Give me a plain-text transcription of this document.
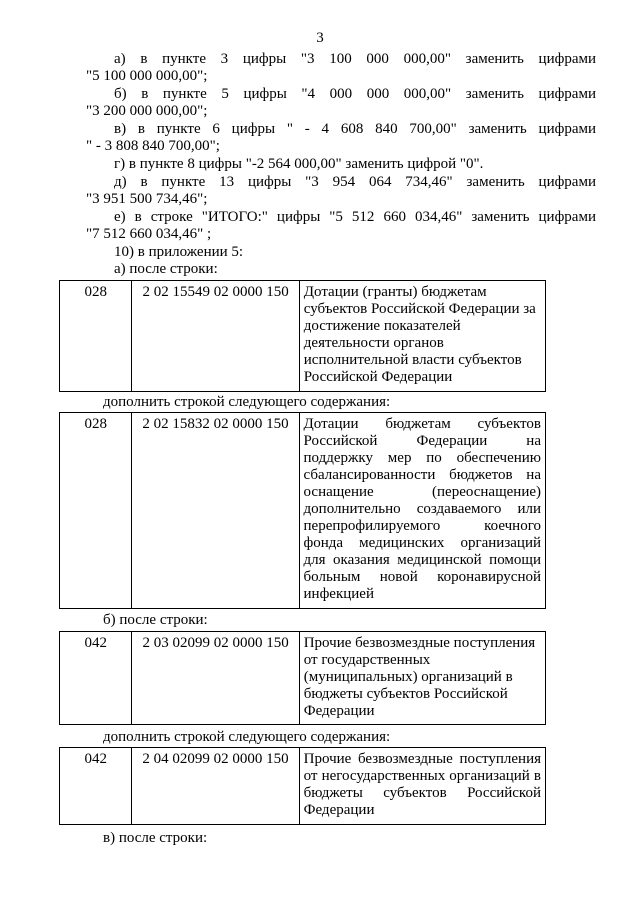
3
а) в пункте 3 цифры "3 100 000 000,00" заменить цифрами
"5 100 000 000,00";
б) в пункте 5 цифры "4 000 000 000,00" заменить цифрами
"3 200 000 000,00";
в) в пункте 6 цифры " - 4 608 840 700,00" заменить цифрами
" - 3 808 840 700,00";
г) в пункте 8 цифры "-2 564 000,00" заменить цифрой "0".
д) в пункте 13 цифры "3 954 064 734,46" заменить цифрами
"3 951 500 734,46";
е) в строке "ИТОГО:" цифры "5 512 660 034,46" заменить цифрами
"7 512 660 034,46" ;
10) в приложении 5:
а) после строки:
028	2 02 15549 02 0000 150	Дотации (гранты) бюджетам субъектов Российской Федерации за достижение показателей деятельности органов исполнительной власти субъектов Российской Федерации
дополнить строкой следующего содержания:
028	2 02 15832 02 0000 150	Дотации бюджетам субъектов Российской Федерации на поддержку мер по обеспечению сбалансированности бюджетов на оснащение (переоснащение) дополнительно создаваемого или перепрофилируемого коечного фонда медицинских организаций для оказания медицинской помощи больным новой коронавирусной инфекцией
б) после строки:
042	2 03 02099 02 0000 150	Прочие безвозмездные поступления от государственных (муниципальных) организаций в бюджеты субъектов Российской Федерации
дополнить строкой следующего содержания:
042	2 04 02099 02 0000 150	Прочие безвозмездные поступления от негосударственных организаций в бюджеты субъектов Российской Федерации
в) после строки:
